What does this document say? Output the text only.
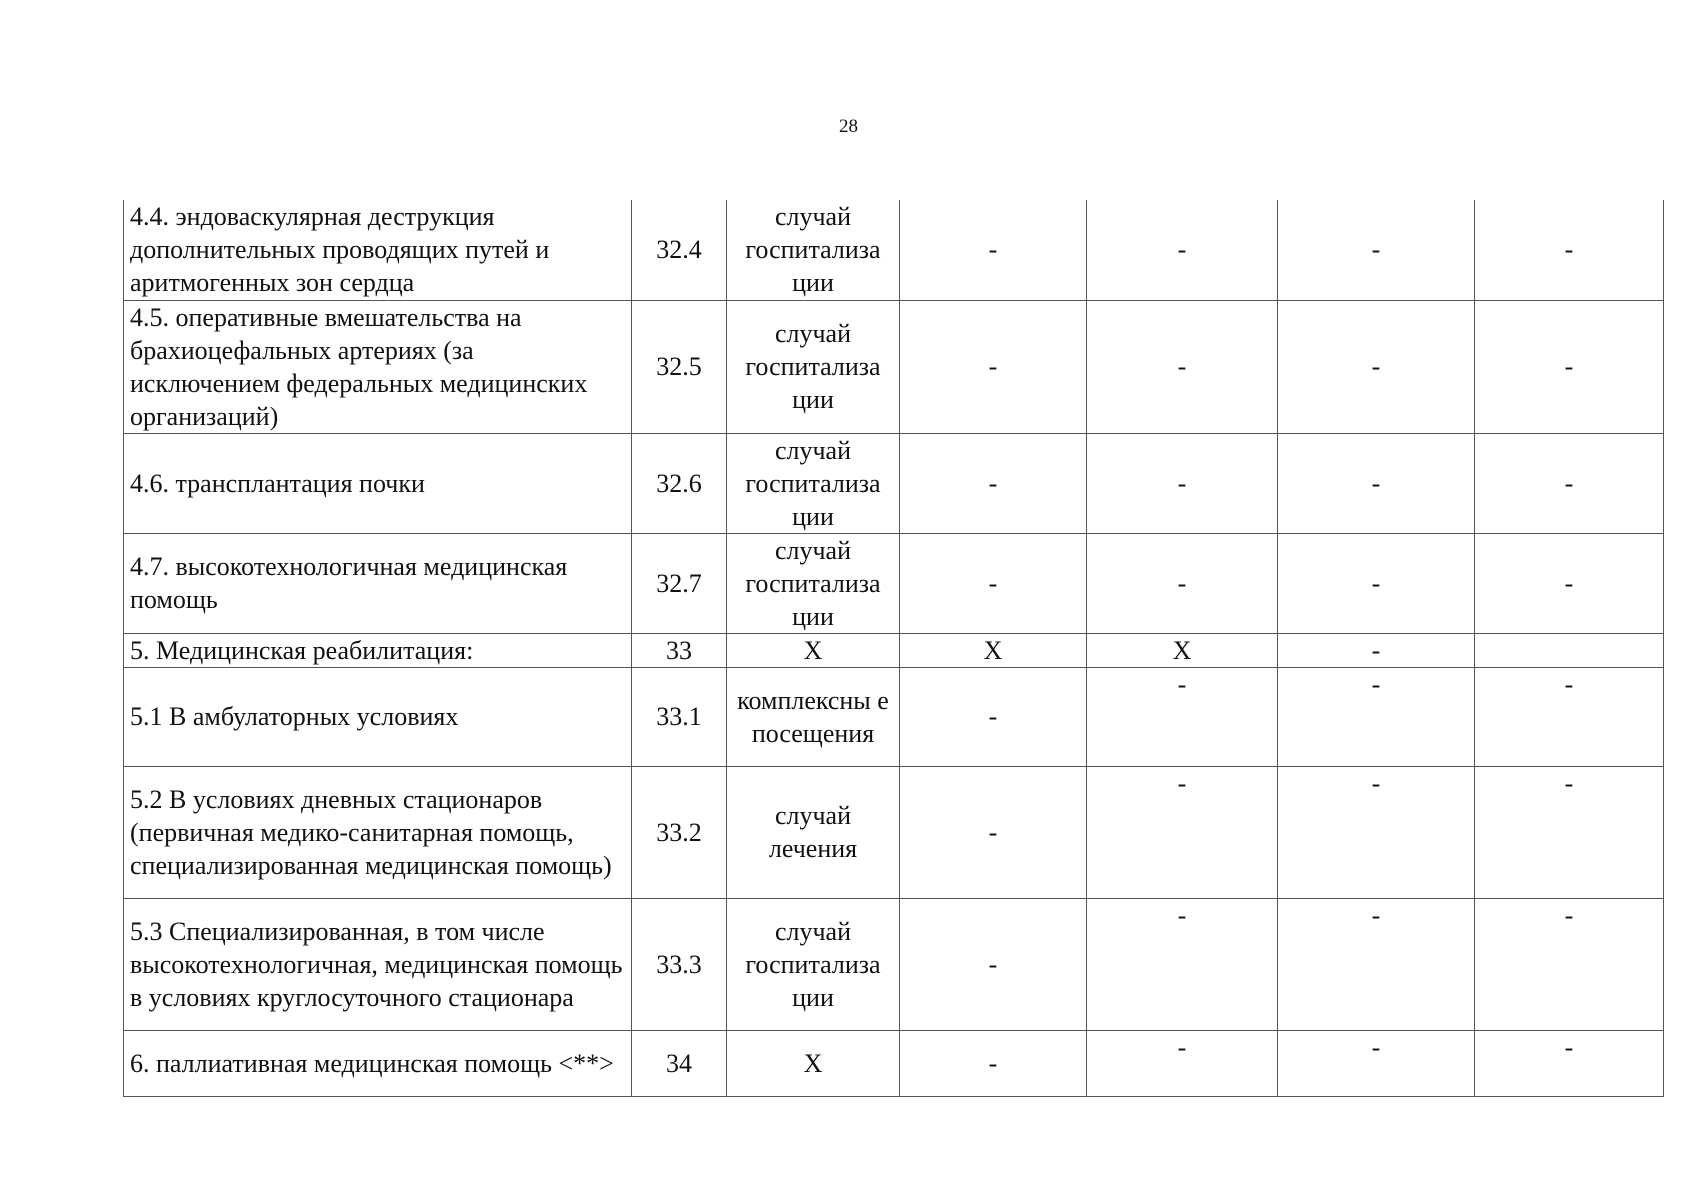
28
4.4. эндоваскулярная деструкция дополнительных проводящих путей и аритмогенных зон сердца	32.4	случай госпитализа ции	-	-	-	-
4.5. оперативные вмешательства на брахиоцефальных артериях (за исключением федеральных медицинских организаций)	32.5	случай госпитализа ции	-	-	-	-
4.6. трансплантация почки	32.6	случай госпитализа ции	-	-	-	-
4.7. высокотехнологичная медицинская помощь	32.7	случай госпитализа ции	-	-	-	-
5. Медицинская реабилитация:	33	Х	Х	Х	-	
5.1 В амбулаторных условиях	33.1	комплексны е посещения	-	-	-	-
5.2 В условиях дневных стационаров (первичная медико-санитарная помощь, специализированная медицинская помощь)	33.2	случай лечения	-	-	-	-
5.3 Специализированная, в том числе высокотехнологичная, медицинская помощь в условиях круглосуточного стационара	33.3	случай госпитализа ции	-	-	-	-
6. паллиативная медицинская помощь <**>	34	Х	-	-	-	-
